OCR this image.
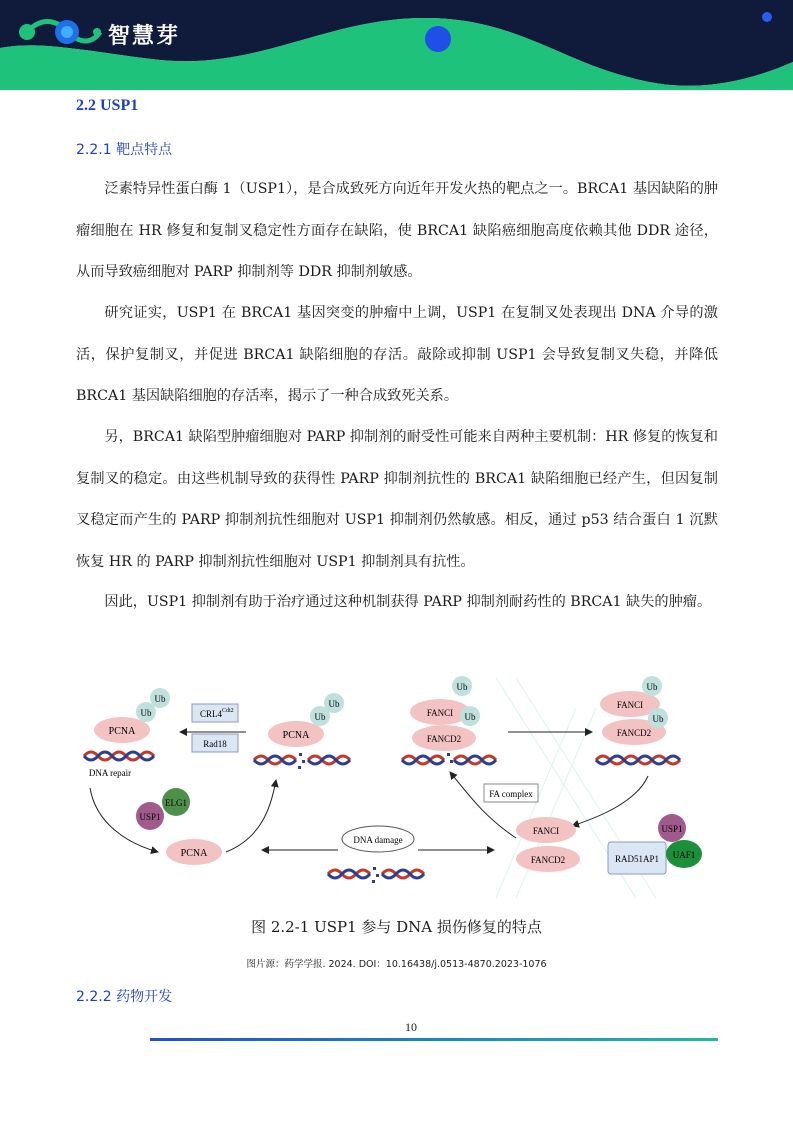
智慧芽
2.2 USP1
2.2.1 靶点特点

泛素特异性蛋白酶 1（USP1），是合成致死方向近年开发火热的靶点之一。BRCA1 基因缺陷的肿瘤细胞在 HR 修复和复制叉稳定性方面存在缺陷，使 BRCA1 缺陷癌细胞高度依赖其他 DDR 途径，从而导致癌细胞对 PARP 抑制剂等 DDR 抑制剂敏感。

研究证实，USP1 在 BRCA1 基因突变的肿瘤中上调，USP1 在复制叉处表现出 DNA 介导的激活，保护复制叉，并促进 BRCA1 缺陷细胞的存活。敲除或抑制 USP1 会导致复制叉失稳，并降低 BRCA1 基因缺陷细胞的存活率，揭示了一种合成致死关系。

另，BRCA1 缺陷型肿瘤细胞对 PARP 抑制剂的耐受性可能来自两种主要机制：HR 修复的恢复和复制叉的稳定。由这些机制导致的获得性 PARP 抑制剂抗性的 BRCA1 缺陷细胞已经产生，但因复制叉稳定而产生的 PARP 抑制剂抗性细胞对 USP1 抑制剂仍然敏感。相反，通过 p53 结合蛋白 1 沉默恢复 HR 的 PARP 抑制剂抗性细胞对 USP1 抑制剂具有抗性。

因此，USP1 抑制剂有助于治疗通过这种机制获得 PARP 抑制剂耐药性的 BRCA1 缺失的肿瘤。

PCNA
Ub
Ub
DNA repair
CRL4 Cdt2
Rad18
PCNA
Ub
Ub
USP1
ELG1
PCNA
DNA damage
FANCI
FANCD2
Ub
Ub
FANCI
FANCD2
Ub
Ub
FA complex
FANCI
FANCD2	RAD51AP1
USP1
UAF1
图 2.2-1 USP1 参与 DNA 损伤修复的特点
图片源：药学学报. 2024. DOI：10.16438/j.0513-4870.2023-1076
2.2.2 药物开发
10
